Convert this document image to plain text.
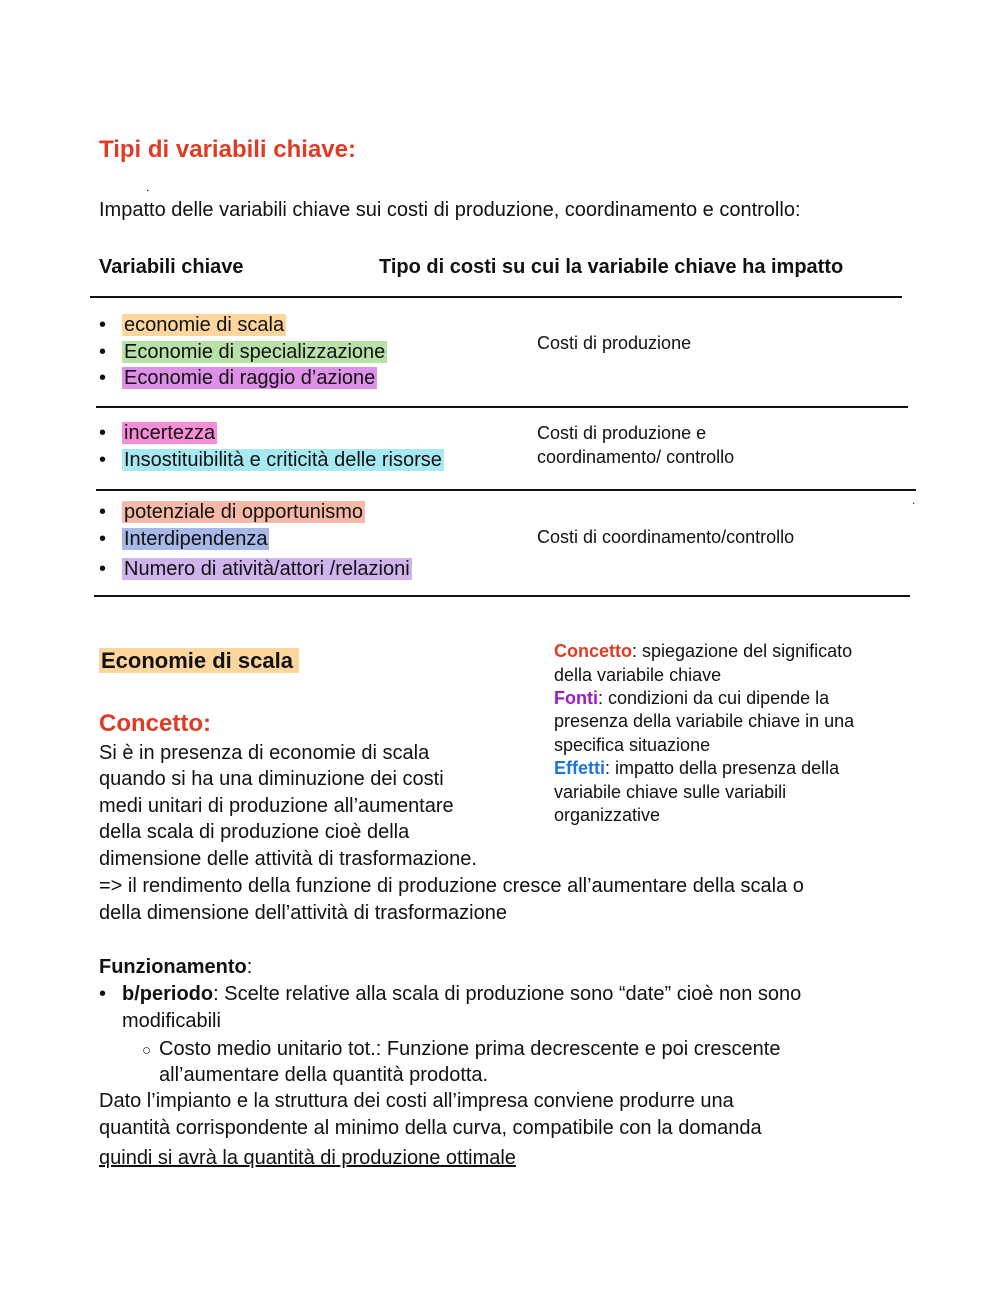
Tipi di variabili chiave:
.
Impatto delle variabili chiave sui costi di produzione, coordinamento e controllo:
Variabili chiave	Tipo di costi su cui la variabile chiave ha impatto
• economie di scala
• Economie di specializzazione
• Economie di raggio d’azione
Costi di produzione
• incertezza
• Insostituibilità e criticità delle risorse
Costi di produzione e
coordinamento/ controllo
.
• potenziale di opportunismo
• Interdipendenza
• Numero di atività/attori /relazioni
Costi di coordinamento/controllo
Economie di scala	Concetto: spiegazione del significato
della variabile chiave
Fonti: condizioni da cui dipende la
presenza della variabile chiave in una
specifica situazione
Effetti: impatto della presenza della
variabile chiave sulle variabili
organizzative
Concetto:
Si è in presenza di economie di scala
quando si ha una diminuzione dei costi
medi unitari di produzione all’aumentare
della scala di produzione cioè della
dimensione delle attività di trasformazione.
=> il rendimento della funzione di produzione cresce all’aumentare della scala o
della dimensione dell’attività di trasformazione
Funzionamento:
• b/periodo: Scelte relative alla scala di produzione sono “date” cioè non sono
modificabili
○ Costo medio unitario tot.: Funzione prima decrescente e poi crescente
all’aumentare della quantità prodotta.
Dato l’impianto e la struttura dei costi all’impresa conviene produrre una
quantità corrispondente al minimo della curva, compatibile con la domanda
quindi si avrà la quantità di produzione ottimale
